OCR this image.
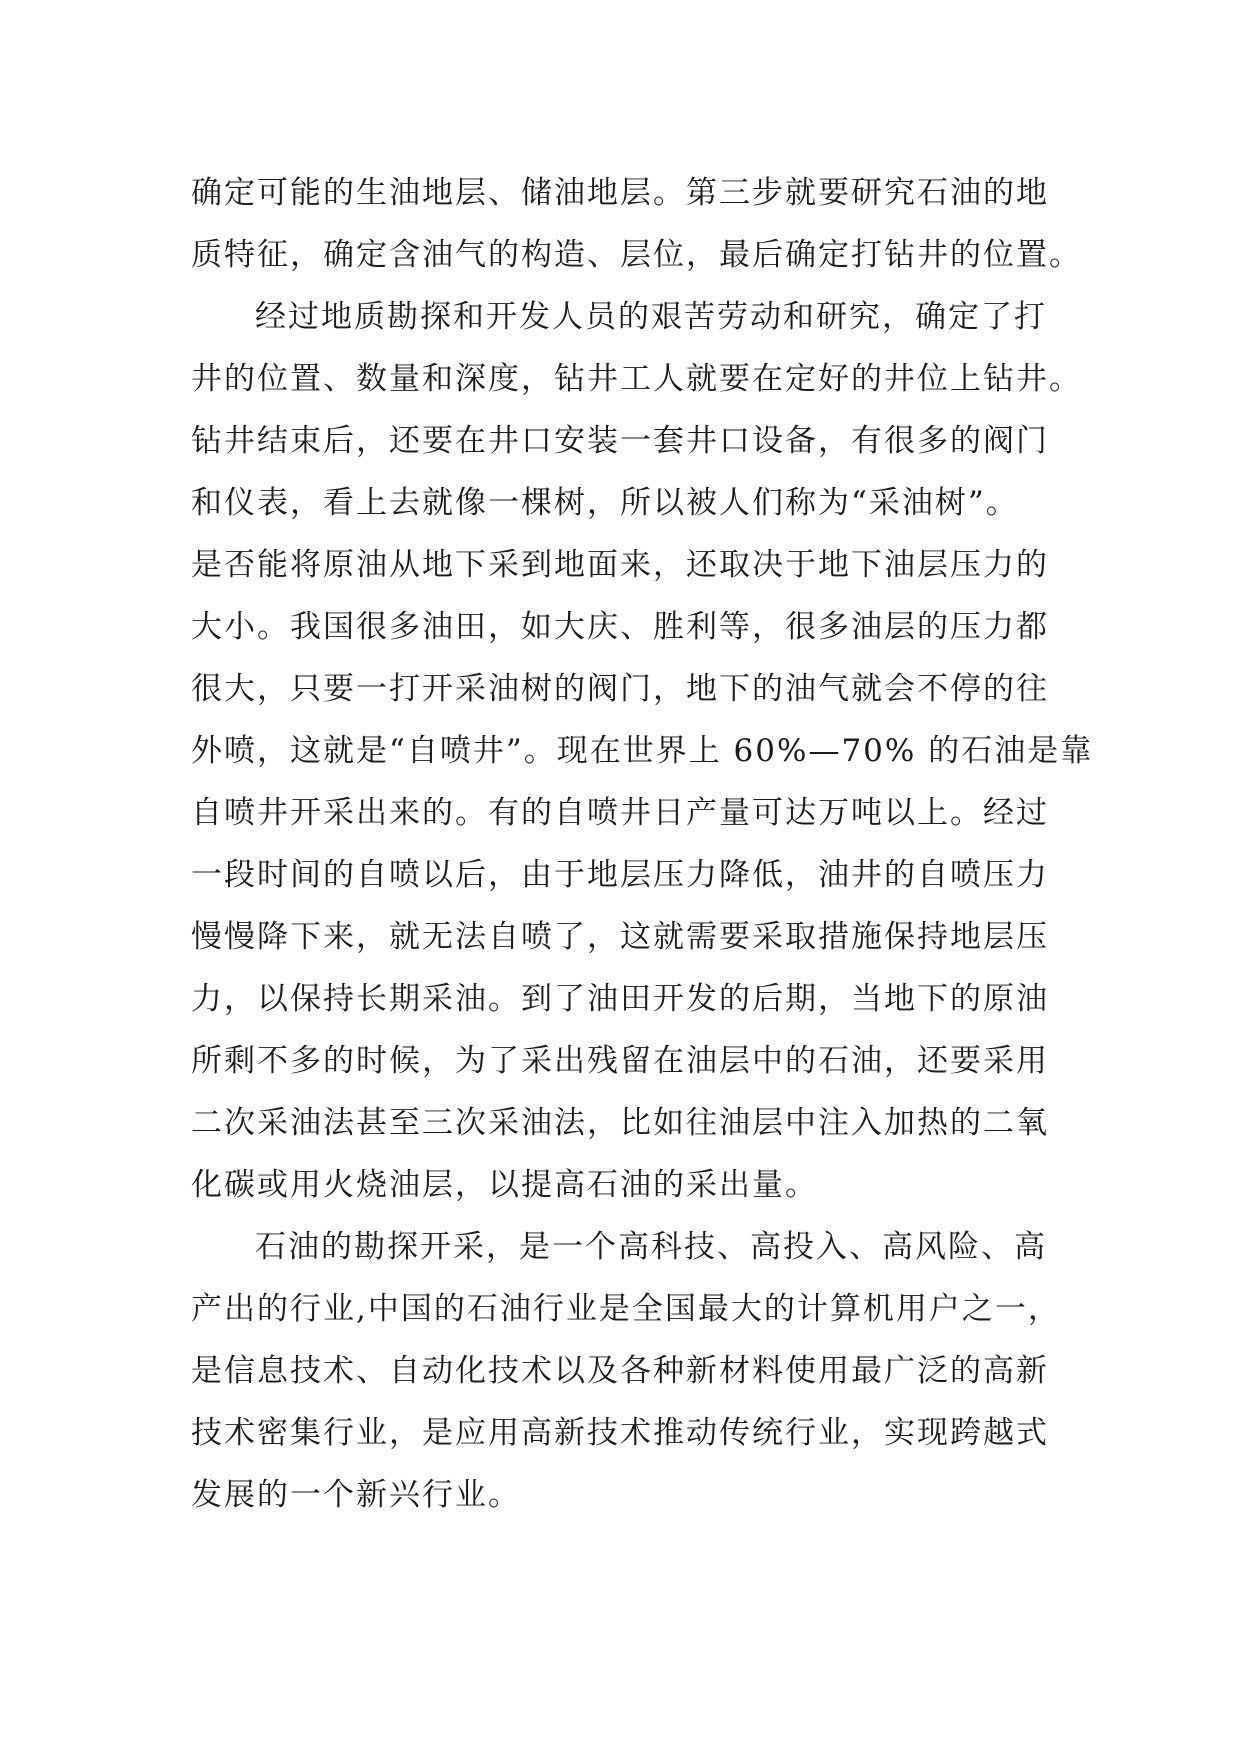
确定可能的生油地层、储油地层。第三步就要研究石油的地
质特征，确定含油气的构造、层位，最后确定打钻井的位置。
经过地质勘探和开发人员的艰苦劳动和研究，确定了打
井的位置、数量和深度，钻井工人就要在定好的井位上钻井。
钻井结束后，还要在井口安装一套井口设备，有很多的阀门
和仪表，看上去就像一棵树，所以被人们称为“采油树”。
是否能将原油从地下采到地面来，还取决于地下油层压力的
大小。我国很多油田，如大庆、胜利等，很多油层的压力都
很大，只要一打开采油树的阀门，地下的油气就会不停的往
外喷，这就是“自喷井”。现在世界上 60%—70% 的石油是靠
自喷井开采出来的。有的自喷井日产量可达万吨以上。经过
一段时间的自喷以后，由于地层压力降低，油井的自喷压力
慢慢降下来，就无法自喷了，这就需要采取措施保持地层压
力，以保持长期采油。到了油田开发的后期，当地下的原油
所剩不多的时候，为了采出残留在油层中的石油，还要采用
二次采油法甚至三次采油法，比如往油层中注入加热的二氧
化碳或用火烧油层，以提高石油的采出量。
石油的勘探开采，是一个高科技、高投入、高风险、高
产出的行业,中国的石油行业是全国最大的计算机用户之一，
是信息技术、自动化技术以及各种新材料使用最广泛的高新
技术密集行业，是应用高新技术推动传统行业，实现跨越式
发展的一个新兴行业。
